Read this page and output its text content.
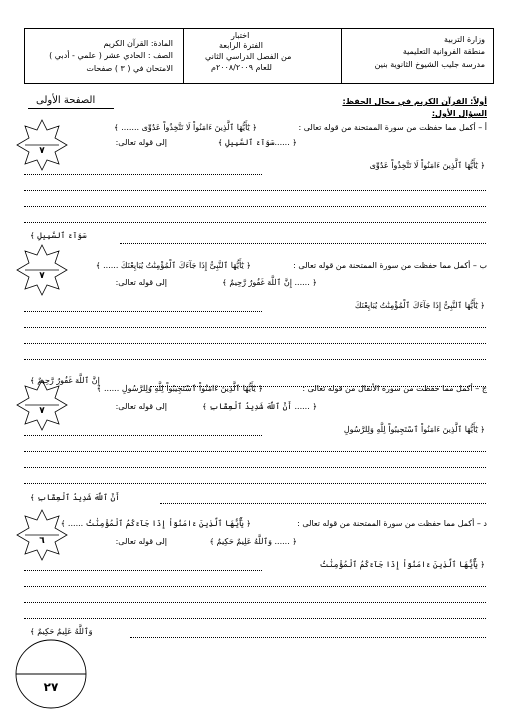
وزارة التربية
منطقة الفروانية التعليمية
مدرسة جليب الشيوخ الثانوية بنين
اختبار
الفترة الرابعة
من الفصل الدراسي الثاني
للعام ٢٠٠٨/٢٠٠٩م
المادة: القرآن الكريم
الصف : الحادي عشر ( علمي - أدبي )
الامتحان في ( ٣ ) صفحات
الصفحة الأولى	أولاً: القرآن الكريم في مجال الحفظ:
السؤال الأول:
٧
أ – أكمل مما حفظت من سورة الممتحنة من قوله تعالى :
﴿ يَٰٓأَيُّهَا ٱلَّذِينَ ءَامَنُواْ لَا تَتَّخِذُواْ عَدُوِّى ....... ﴾
إلى قوله تعالى:	﴿ ......سَوَآءَ ٱلسَّبِيلِ ﴾
﴿ يَٰٓأَيُّهَا ٱلَّذِينَ ءَامَنُواْ لَا تَتَّخِذُواْ عَدُوِّى
سَوَآءَ ٱلسَّبِيلِ ﴾
٧
ب – أكمل مما حفظت من سورة الممتحنة من قوله تعالى :
﴿ يَٰٓأَيُّهَا ٱلنَّبِىُّ إِذَا جَآءَكَ ٱلْمُؤْمِنَٰتُ يُبَايِعْنَكَ ...... ﴾
إلى قوله تعالى:	﴿ ...... إِنَّ ٱللَّهَ غَفُورٌ رَّحِيمٌ ﴾
﴿ يَٰٓأَيُّهَا ٱلنَّبِىُّ إِذَا جَآءَكَ ٱلْمُؤْمِنَٰتُ يُبَايِعْنَكَ
إِنَّ ٱللَّهَ غَفُورٌ رَّحِيمٌ ﴾
٧
ج – أكمل مما حفظت من سورة الأنفال من قوله تعالى :
﴿ يَٰٓأَيُّهَا ٱلَّذِينَ ءَامَنُواْ ٱسْتَجِيبُواْ لِلَّهِ وَلِلرَّسُولِ ...... ﴾
إلى قوله تعالى:	﴿ ...... أَنَّ ٱللَّهَ شَدِيدُ ٱلْعِقَابِ ﴾
﴿ يَٰٓأَيُّهَا ٱلَّذِينَ ءَامَنُواْ ٱسْتَجِيبُواْ لِلَّهِ وَلِلرَّسُولِ
أَنَّ ٱللَّهَ شَدِيدُ ٱلْعِقَابِ ﴾
٦
د – أكمل مما حفظت من سورة الممتحنة من قوله تعالى :
﴿ يَٰٓأَيُّهَا ٱلَّذِينَ ءَامَنُوٓاْ إِذَا جَآءَكُمُ ٱلْمُؤْمِنَٰتُ ...... ﴾
إلى قوله تعالى:	﴿ ...... وَٱللَّهُ عَلِيمٌ حَكِيمٌ ﴾
﴿ يَٰٓأَيُّهَا ٱلَّذِينَ ءَامَنُوٓاْ إِذَا جَآءَكُمُ ٱلْمُؤْمِنَٰتُ
وَٱللَّهُ عَلِيمٌ حَكِيمٌ ﴾
٢٧
